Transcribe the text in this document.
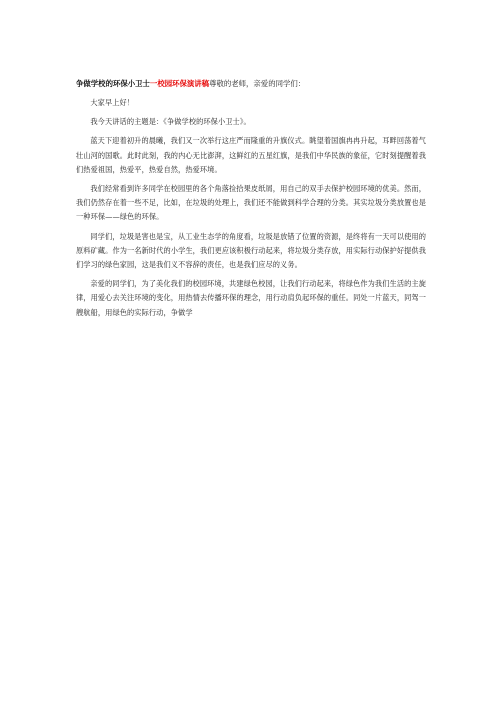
争做学校的环保小卫士一校园环保演讲稿尊敬的老师，亲爱的同学们：

大家早上好！

我今天讲话的主题是：《争做学校的环保小卫士》。

蓝天下迎着初升的晨曦，我们又一次举行这庄严而隆重的升旗仪式。眺望着国旗冉冉升起，耳畔回荡着气壮山河的国歌。此时此刻，我的内心无比澎湃，这鲜红的五星红旗，是我们中华民族的象征，它时刻提醒着我们热爱祖国，热爱平，热爱自然，热爱环境。

我们经常看到许多同学在校园里的各个角落捡拾果皮纸屑，用自己的双手去保护校园环境的优美。然而，我们仍然存在着一些不足，比如，在垃圾的处理上，我们还不能做到科学合理的分类。其实垃圾分类放置也是一种环保——绿色的环保。

同学们，垃圾是害也是宝，从工业生态学的角度看，垃圾是放错了位置的资源，是终将有一天可以使用的原料矿藏。作为一名新时代的小学生，我们更应该积极行动起来，将垃圾分类存放，用实际行动保护好提供我们学习的绿色家园，这是我们义不容辞的责任，也是我们应尽的义务。

亲爱的同学们，为了美化我们的校园环境，共建绿色校园，让我们行动起来，将绿色作为我们生活的主旋律，用爱心去关注环境的变化，用热情去传播环保的理念，用行动肩负起环保的重任。同处一片蓝天，同驾一艘航船，用绿色的实际行动，争做学
